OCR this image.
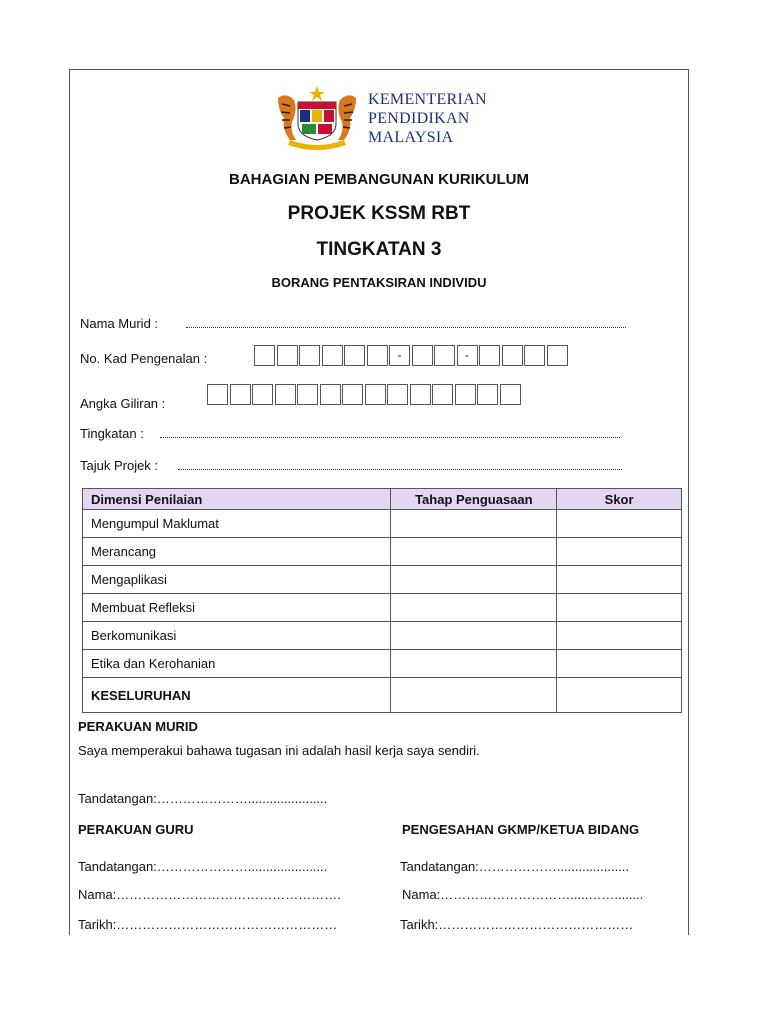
KEMENTERIAN
PENDIDIKAN
MALAYSIA
BAHAGIAN PEMBANGUNAN KURIKULUM
PROJEK KSSM RBT
TINGKATAN 3
BORANG PENTAKSIRAN INDIVIDU
Nama Murid :
No. Kad Pengenalan :	-	-
Angka Giliran :
Tingkatan :
Tajuk Projek :
Dimensi Penilaian	Tahap Penguasaan	Skor
Mengumpul Maklumat		
Merancang		
Mengaplikasi		
Membuat Refleksi		
Berkomunikasi		
Etika dan Kerohanian		
KESELURUHAN		
PERAKUAN MURID
Saya memperakui bahawa tugasan ini adalah hasil kerja saya sendiri.
Tandatangan:…………………......................
PERAKUAN GURU
Tandatangan:…………………......................
Nama:…………………………………………….
Tarikh:……………………………………………
PENGESAHAN GKMP/KETUA BIDANG
Tandatangan:………………....................
Nama:………………………….....……........
Tarikh:………………………………………
